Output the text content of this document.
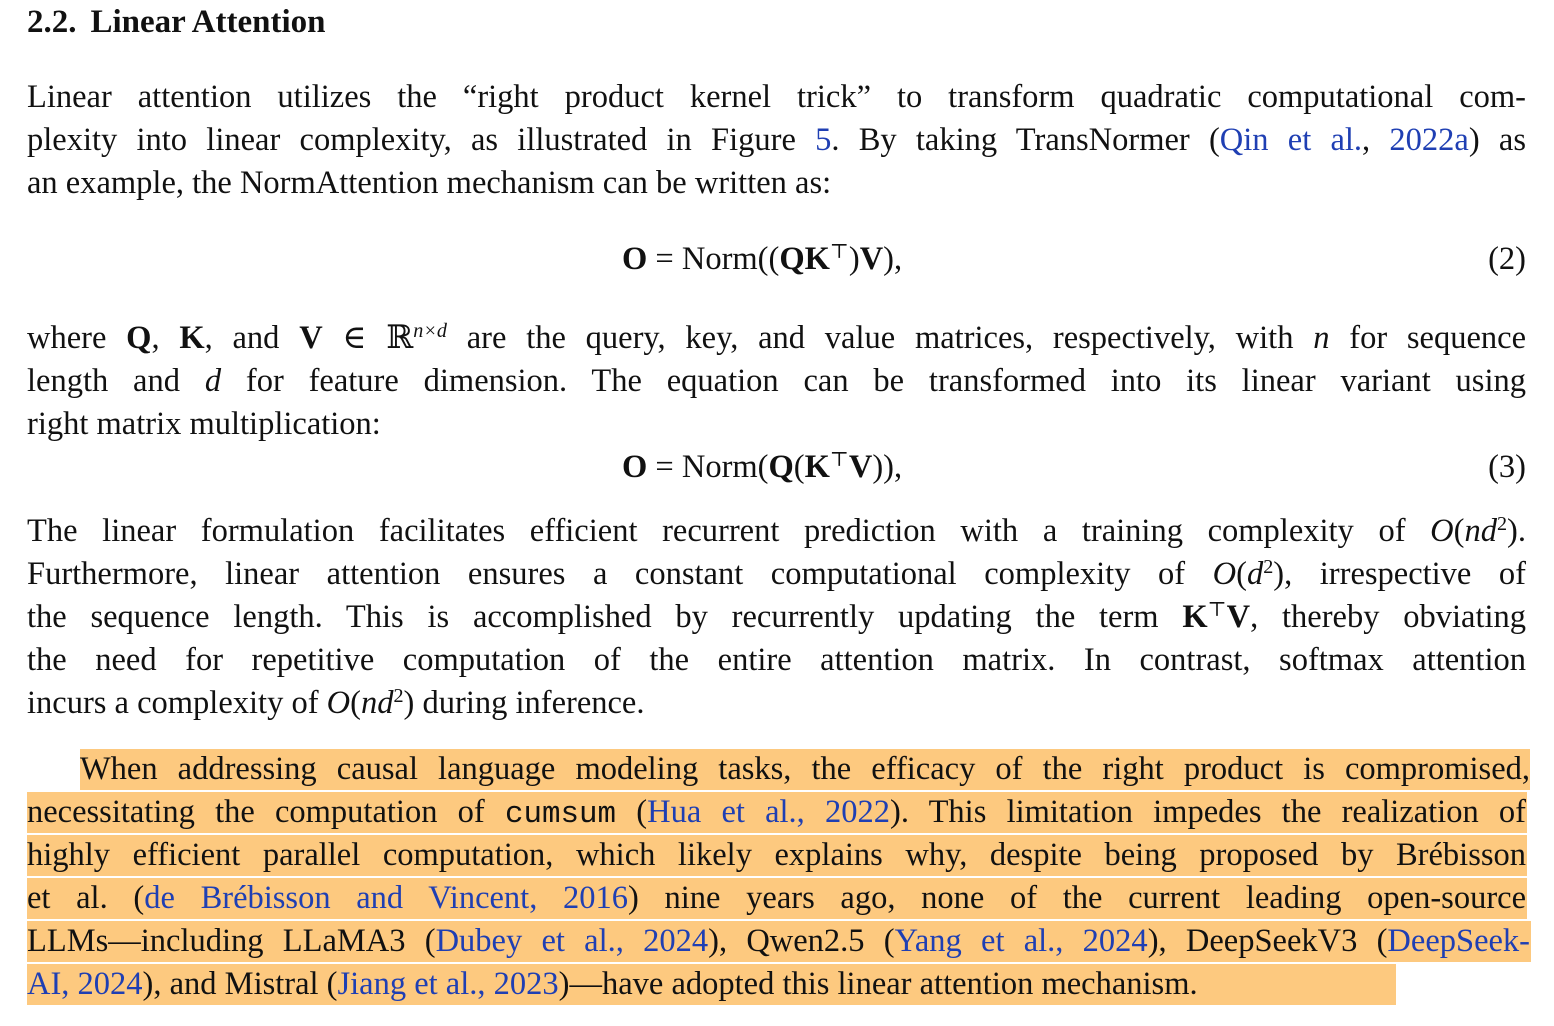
2.2. Linear Attention
Linear attention utilizes the “right product kernel trick” to transform quadratic computational com-
plexity into linear complexity, as illustrated in Figure 5. By taking TransNormer (Qin et al., 2022a) as
an example, the NormAttention mechanism can be written as:
O = Norm((QK⊤)V),	(2)
where Q, K, and V ∈ ℝ$^{n\times d}$ are the query, key, and value matrices, respectively, with n for sequence
length and d for feature dimension. The equation can be transformed into its linear variant using
right matrix multiplication:
O = Norm(Q(K⊤V)),	(3)
The linear formulation facilitates efficient recurrent prediction with a training complexity of $O(nd^2)$.
Furthermore, linear attention ensures a constant computational complexity of $O(d^2)$, irrespective of
the sequence length. This is accomplished by recurrently updating the term K⊤V, thereby obviating
the need for repetitive computation of the entire attention matrix. In contrast, softmax attention
incurs a complexity of $O(nd^2)$ during inference.
When addressing causal language modeling tasks, the efficacy of the right product is compromised,
necessitating the computation of cumsum (Hua et al., 2022). This limitation impedes the realization of
highly efficient parallel computation, which likely explains why, despite being proposed by Brébisson
et al. (de Brébisson and Vincent, 2016) nine years ago, none of the current leading open-source
LLMs—including LLaMA3 (Dubey et al., 2024), Qwen2.5 (Yang et al., 2024), DeepSeekV3 (DeepSeek-
AI, 2024), and Mistral (Jiang et al., 2023)—have adopted this linear attention mechanism.
